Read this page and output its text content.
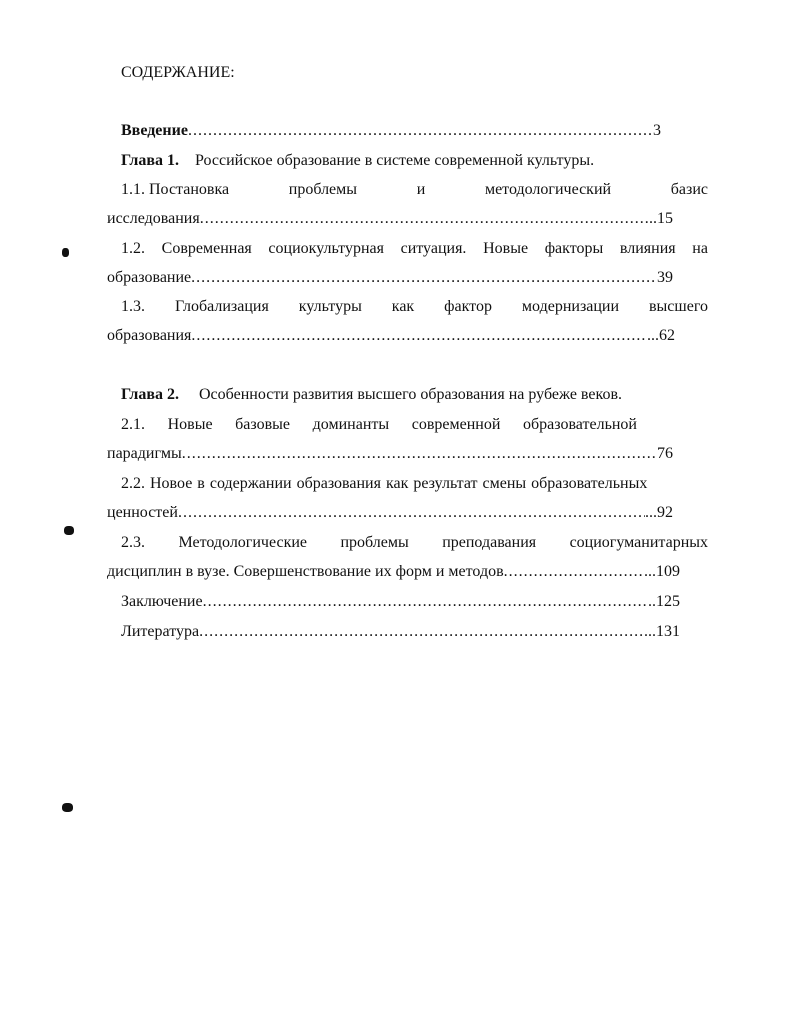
СОДЕРЖАНИЕ:
Введение .....	3
Глава 1. Российское образование в системе современной культуры.
1.1. Постановка	проблемы	и	методологический	базис
исследования .....	..15
1.2. Современная социокультурная ситуация. Новые факторы влияния на
образование .....	39
1.3. Глобализация культуры как фактор модернизации высшего
образования .....	...62
Глава 2. Особенности развития высшего образования на рубеже веков.
2.1. Новые базовые доминанты современной образовательной
парадигмы .....	76
2.2. Новое в содержании образования как результат смены образовательных
ценностей .....	...92
2.3. Методологические проблемы преподавания социогуманитарных
дисциплин в вузе. Совершенствование их форм и методов .....	...109
Заключение .....	..125
Литература .....	...131
